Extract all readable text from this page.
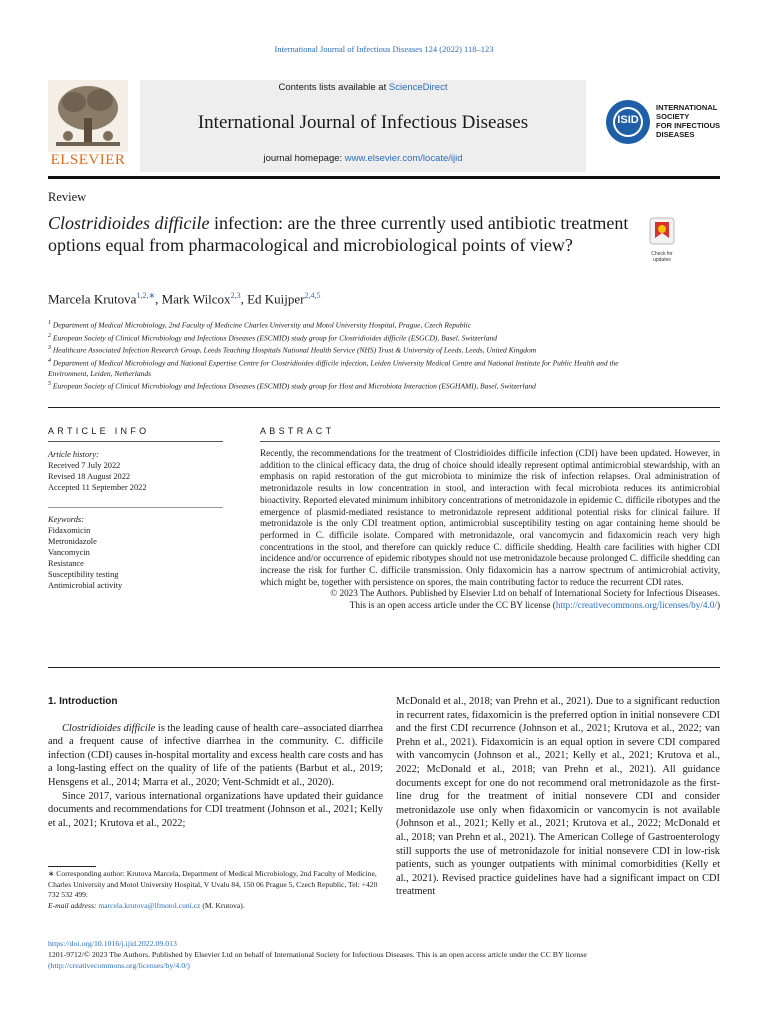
International Journal of Infectious Diseases 124 (2022) 118–123
Contents lists available at ScienceDirect
International Journal of Infectious Diseases
journal homepage: www.elsevier.com/locate/ijid
ELSEVIER
ISID
INTERNATIONAL
SOCIETY
FOR INFECTIOUS
DISEASES
Review
Clostridioides difficile infection: are the three currently used antibiotic treatment options equal from pharmacological and microbiological points of view?	Check for updates
Marcela Krutova$^{1,2,∗}$, Mark Wilcox$^{2,3}$, Ed Kuijper$^{2,4,5}$
$^1$ Department of Medical Microbiology, 2nd Faculty of Medicine Charles University and Motol University Hospital, Prague, Czech Republic
$^2$ European Society of Clinical Microbiology and Infectious Diseases (ESCMID) study group for Clostridioides difficile (ESGCD), Basel, Switzerland
$^3$ Healthcare Associated Infection Research Group, Leeds Teaching Hospitals National Health Service (NHS) Trust & University of Leeds, Leeds, United Kingdom
$^4$ Department of Medical Microbiology and National Expertise Centre for Clostridioides difficile infection, Leiden University Medical Centre and National Institute for Public Health and the Environment, Leiden, Netherlands
$^5$ European Society of Clinical Microbiology and Infectious Diseases (ESCMID) study group for Host and Microbiota Interaction (ESGHAMI), Basel, Switzerland
ARTICLE INFO
Article history:
Received 7 July 2022
Revised 18 August 2022
Accepted 11 September 2022
Keywords:
Fidaxomicin
Metronidazole
Vancomycin
Resistance
Susceptibility testing
Antimicrobial activity
ABSTRACT
Recently, the recommendations for the treatment of Clostridioides difficile infection (CDI) have been updated. However, in addition to the clinical efficacy data, the drug of choice should ideally represent optimal antimicrobial stewardship, with an emphasis on rapid restoration of the gut microbiota to minimize the risk of infection relapses. Oral administration of metronidazole results in low concentration in stool, and interaction with fecal microbiota reduces its antimicrobial bioactivity. Reported elevated minimum inhibitory concentrations of metronidazole in epidemic C. difficile ribotypes and the emergence of plasmid-mediated resistance to metronidazole represent additional potential risks for clinical failure. If metronidazole is the only CDI treatment option, antimicrobial susceptibility testing on agar containing heme should be performed in C. difficile isolate. Compared with metronidazole, oral vancomycin and fidaxomicin reach very high concentrations in the stool, and therefore can quickly reduce C. difficile shedding. Health care facilities with higher CDI incidence and/or occurrence of epidemic ribotypes should not use metronidazole because prolonged C. difficile shedding can increase the risk for further C. difficile transmission. Only fidaxomicin has a narrow spectrum of antimicrobial activity, which might be, together with persistence on spores, the main contributing factor to reduce the recurrent CDI rates.
© 2023 The Authors. Published by Elsevier Ltd on behalf of International Society for Infectious Diseases.
This is an open access article under the CC BY license (http://creativecommons.org/licenses/by/4.0/)

1. Introduction

Clostridioides difficile is the leading cause of health care–associated diarrhea and a frequent cause of infective diarrhea in the community. C. difficile infection (CDI) causes in-hospital mortality and excess health care costs and has a long-lasting effect on the quality of life of the patients (Barbut et al., 2019; Hensgens et al., 2014; Marra et al., 2020; Vent-Schmidt et al., 2020).

Since 2017, various international organizations have updated their guidance documents and recommendations for CDI treatment (Johnson et al., 2021; Kelly et al., 2021; Krutova et al., 2022;

∗ Corresponding author: Krutova Marcela, Department of Medical Microbiology, 2nd Faculty of Medicine, Charles University and Motol University Hospital, V Uvalu 84, 150 06 Prague 5, Czech Republic, Tel: +420 732 532 499.
E-mail address: marcela.krutova@lfmotol.cuni.cz (M. Krutova).

McDonald et al., 2018; van Prehn et al., 2021). Due to a significant reduction in recurrent rates, fidaxomicin is the preferred option in initial nonsevere CDI and the first CDI recurrence (Johnson et al., 2021; Krutova et al., 2022; van Prehn et al., 2021). Fidaxomicin is an equal option in severe CDI compared with vancomycin (Johnson et al., 2021; Kelly et al., 2021; Krutova et al., 2022; McDonald et al., 2018; van Prehn et al., 2021). All guidance documents except for one do not recommend oral metronidazole as the first-line drug for the treatment of initial nonsevere CDI and consider metronidazole use only when fidaxomicin or vancomycin is not available (Johnson et al., 2021; Kelly et al., 2021; Krutova et al., 2022; McDonald et al., 2018; van Prehn et al., 2021). The American College of Gastroenterology still supports the use of metronidazole for initial nonsevere CDI in low-risk patients, such as younger outpatients with minimal comorbidities (Kelly et al., 2021). Revised practice guidelines have had a significant impact on CDI treatment

https://doi.org/10.1016/j.ijid.2022.09.013
1201-9712/© 2023 The Authors. Published by Elsevier Ltd on behalf of International Society for Infectious Diseases. This is an open access article under the CC BY license
(http://creativecommons.org/licenses/by/4.0/)
